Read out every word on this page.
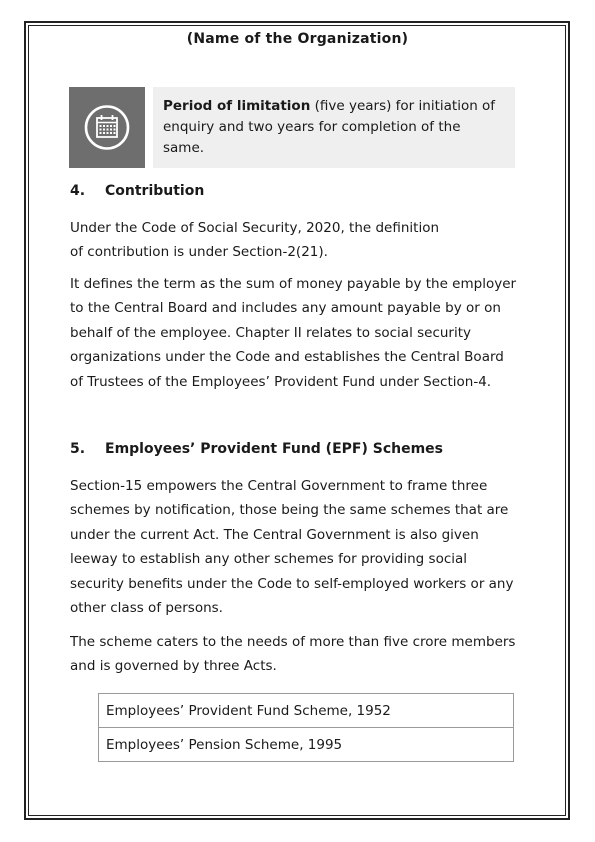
(Name of the Organization)
Period of limitation (five years) for initiation of enquiry and two years for completion of the same.
4. Contribution

Under the Code of Social Security, 2020, the definition
of contribution is under Section-2(21).

It defines the term as the sum of money payable by the employer
to the Central Board and includes any amount payable by or on
behalf of the employee. Chapter II relates to social security
organizations under the Code and establishes the Central Board
of Trustees of the Employees’ Provident Fund under Section-4.

5. Employees’ Provident Fund (EPF) Schemes

Section-15 empowers the Central Government to frame three
schemes by notification, those being the same schemes that are
under the current Act. The Central Government is also given
leeway to establish any other schemes for providing social
security benefits under the Code to self-employed workers or any
other class of persons.

The scheme caters to the needs of more than five crore members
and is governed by three Acts.

Employees’ Provident Fund Scheme, 1952
Employees’ Pension Scheme, 1995
